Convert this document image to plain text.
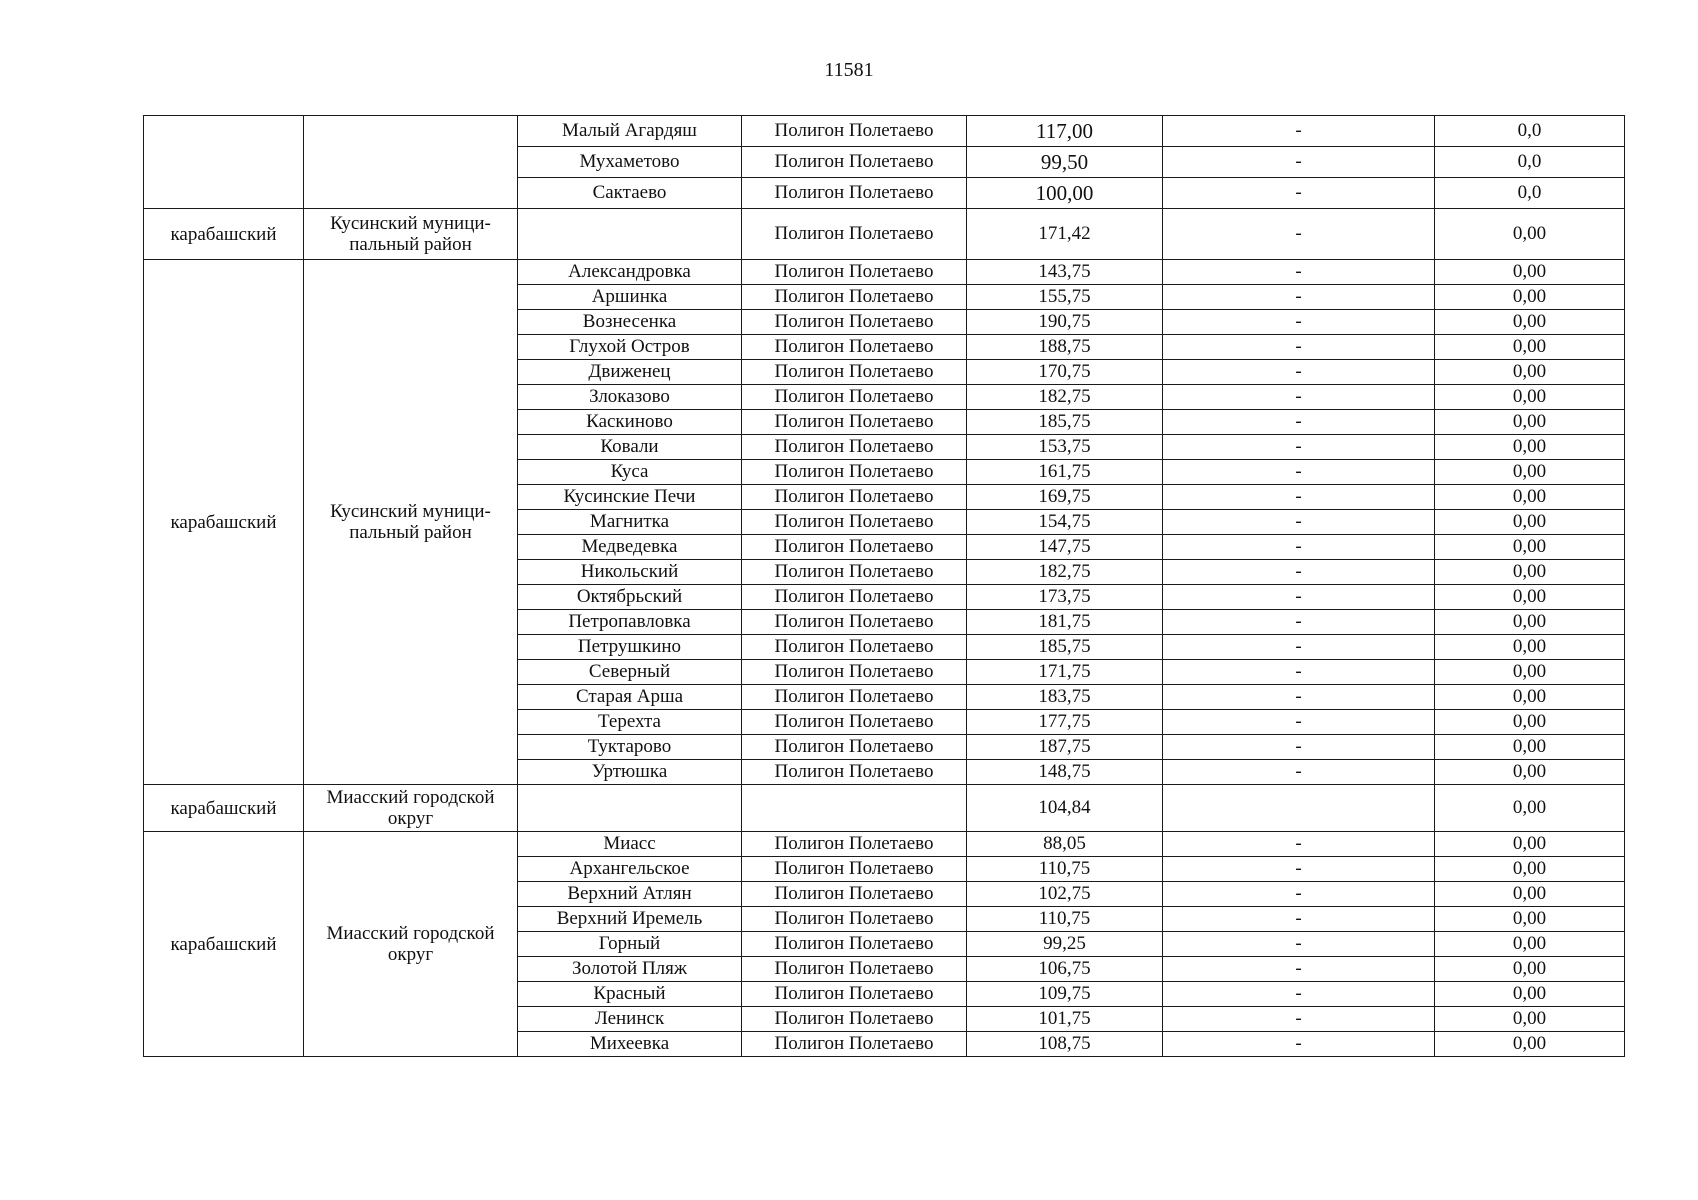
11581
		Малый Агардяш	Полигон Полетаево	117,00	-	0,0
		Мухаметово	Полигон Полетаево	99,50	-	0,0
		Сактаево	Полигон Полетаево	100,00	-	0,0
карабашский	Кусинский муници-пальный район		Полигон Полетаево	171,42	-	0,00
карабашский	Кусинский муници-пальный район	Александровка	Полигон Полетаево	143,75	-	0,00
		Аршинка	Полигон Полетаево	155,75	-	0,00
		Вознесенка	Полигон Полетаево	190,75	-	0,00
		Глухой Остров	Полигон Полетаево	188,75	-	0,00
		Движенец	Полигон Полетаево	170,75	-	0,00
		Злоказово	Полигон Полетаево	182,75	-	0,00
		Каскиново	Полигон Полетаево	185,75	-	0,00
		Ковали	Полигон Полетаево	153,75	-	0,00
		Куса	Полигон Полетаево	161,75	-	0,00
		Кусинские Печи	Полигон Полетаево	169,75	-	0,00
		Магнитка	Полигон Полетаево	154,75	-	0,00
		Медведевка	Полигон Полетаево	147,75	-	0,00
		Никольский	Полигон Полетаево	182,75	-	0,00
		Октябрьский	Полигон Полетаево	173,75	-	0,00
		Петропавловка	Полигон Полетаево	181,75	-	0,00
		Петрушкино	Полигон Полетаево	185,75	-	0,00
		Северный	Полигон Полетаево	171,75	-	0,00
		Старая Арша	Полигон Полетаево	183,75	-	0,00
		Терехта	Полигон Полетаево	177,75	-	0,00
		Туктарово	Полигон Полетаево	187,75	-	0,00
		Уртюшка	Полигон Полетаево	148,75	-	0,00
карабашский	Миасский городской округ			104,84		0,00
карабашский	Миасский городской округ	Миасс	Полигон Полетаево	88,05	-	0,00
		Архангельское	Полигон Полетаево	110,75	-	0,00
		Верхний Атлян	Полигон Полетаево	102,75	-	0,00
		Верхний Иремель	Полигон Полетаево	110,75	-	0,00
		Горный	Полигон Полетаево	99,25	-	0,00
		Золотой Пляж	Полигон Полетаево	106,75	-	0,00
		Красный	Полигон Полетаево	109,75	-	0,00
		Ленинск	Полигон Полетаево	101,75	-	0,00
		Михеевка	Полигон Полетаево	108,75	-	0,00
